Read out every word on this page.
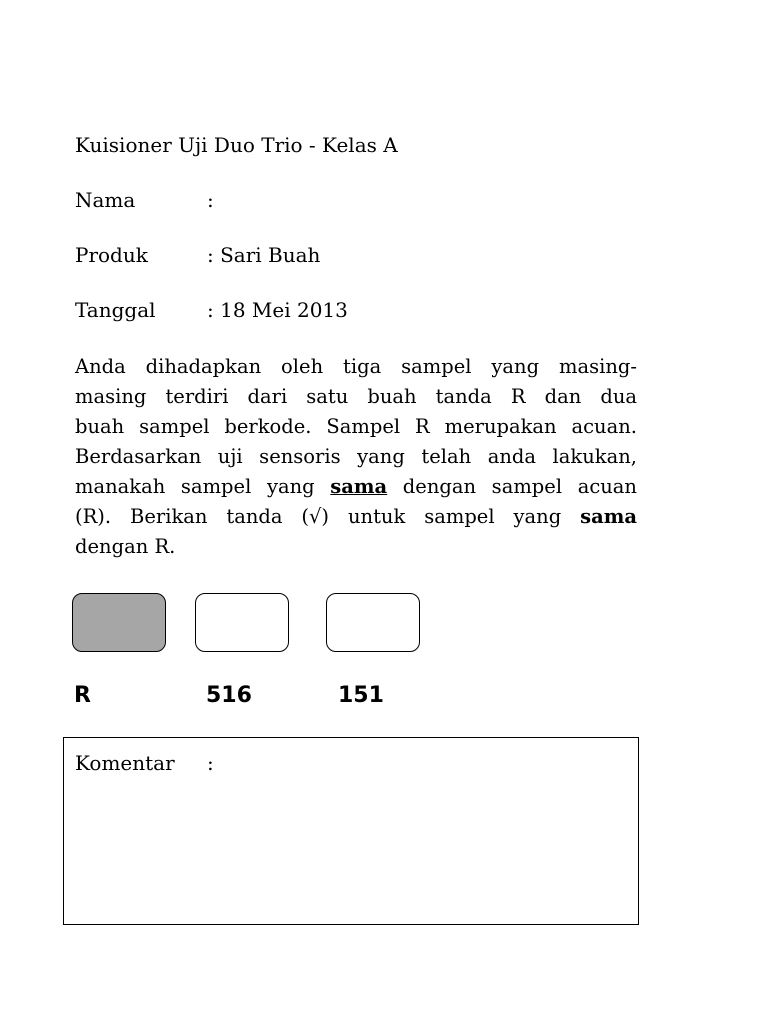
Kuisioner Uji Duo Trio - Kelas A
Nama	:
Produk	: Sari Buah
Tanggal	: 18 Mei 2013
Anda dihadapkan oleh tiga sampel yang masing-
masing terdiri dari satu buah tanda R dan dua
buah sampel berkode. Sampel R merupakan acuan.
Berdasarkan uji sensoris yang telah anda lakukan,
manakah sampel yang sama dengan sampel acuan
(R). Berikan tanda (√) untuk sampel yang sama
dengan R.
R	516	151
Komentar :
